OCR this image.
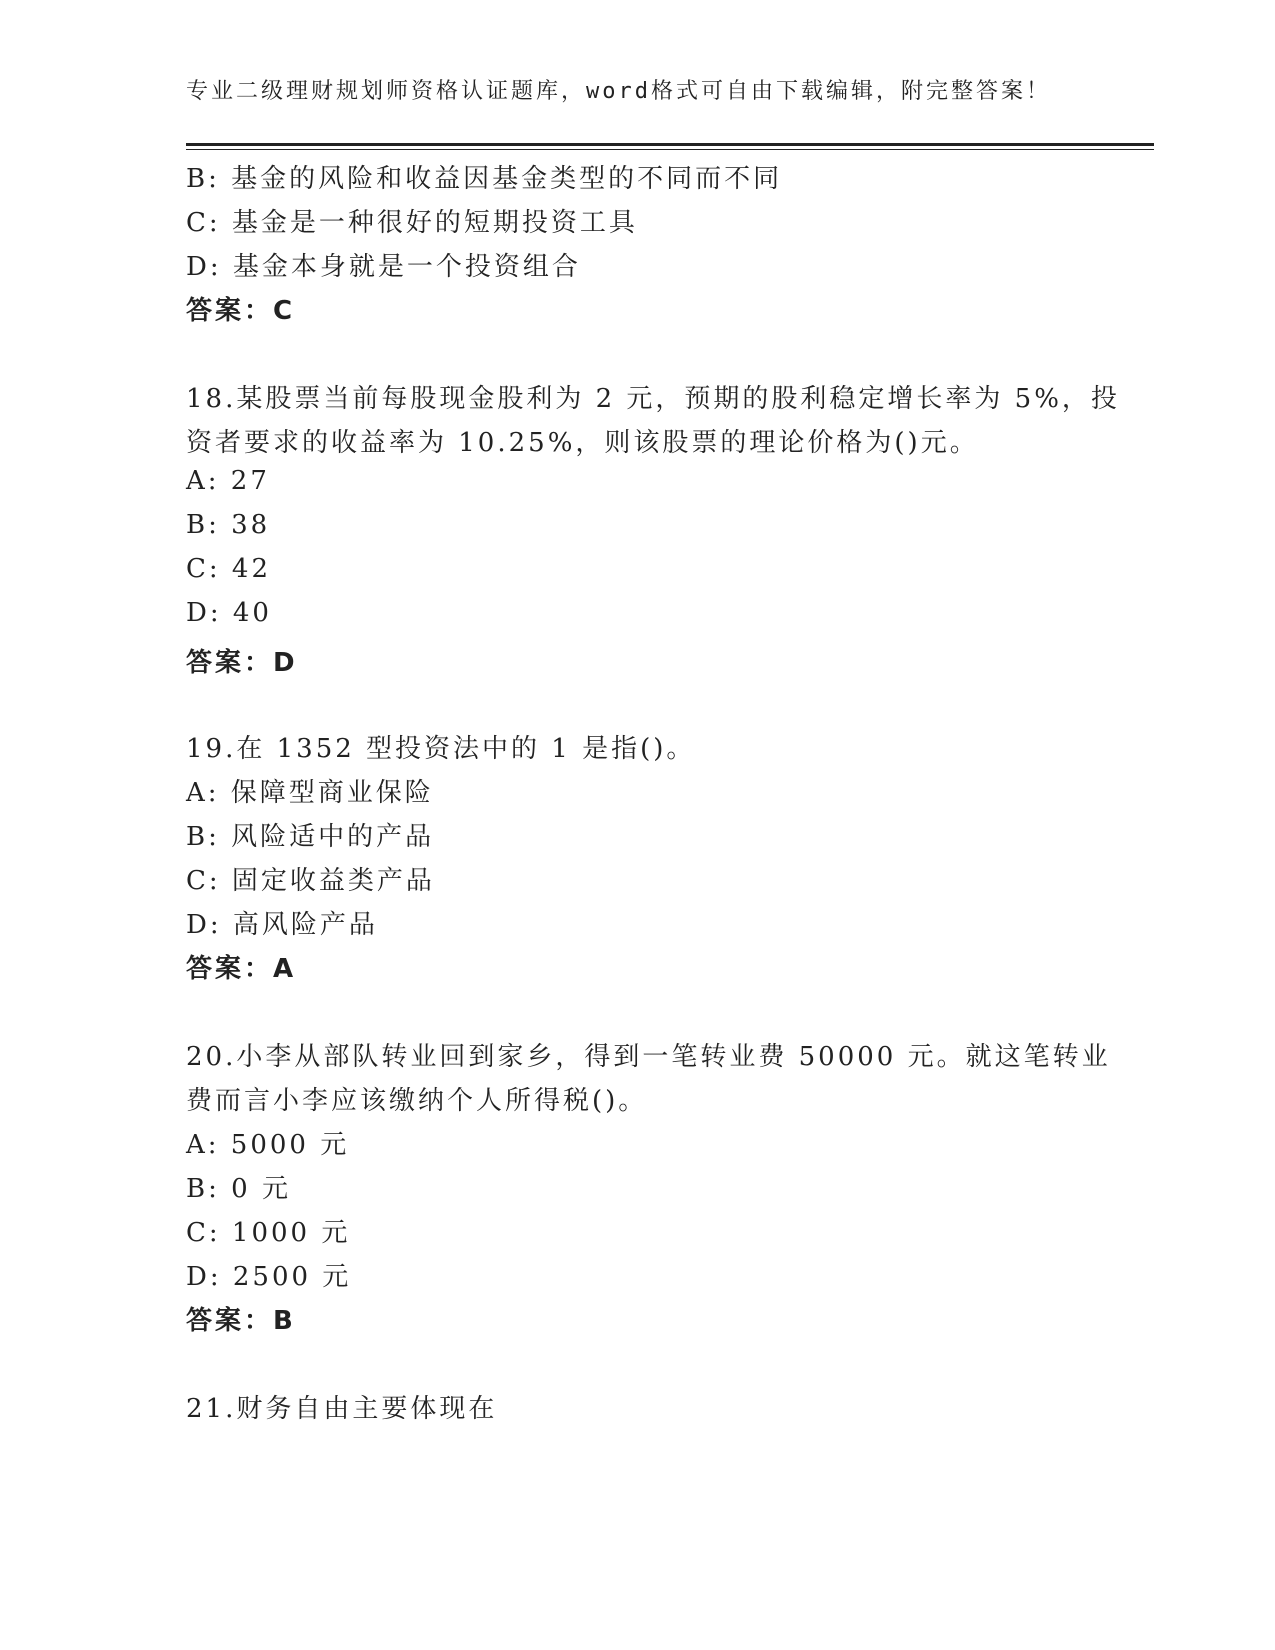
专业二级理财规划师资格认证题库，word格式可自由下载编辑，附完整答案！
B: 基金的风险和收益因基金类型的不同而不同
C: 基金是一种很好的短期投资工具
D: 基金本身就是一个投资组合
答案：C
18.某股票当前每股现金股利为 2 元，预期的股利稳定增长率为 5%，投
资者要求的收益率为 10.25%，则该股票的理论价格为()元。
A: 27
B: 38
C: 42
D: 40
答案：D
19.在 1352 型投资法中的 1 是指()。
A: 保障型商业保险
B: 风险适中的产品
C: 固定收益类产品
D: 高风险产品
答案：A
20.小李从部队转业回到家乡，得到一笔转业费 50000 元。就这笔转业
费而言小李应该缴纳个人所得税()。
A: 5000 元
B: 0 元
C: 1000 元
D: 2500 元
答案：B
21.财务自由主要体现在
